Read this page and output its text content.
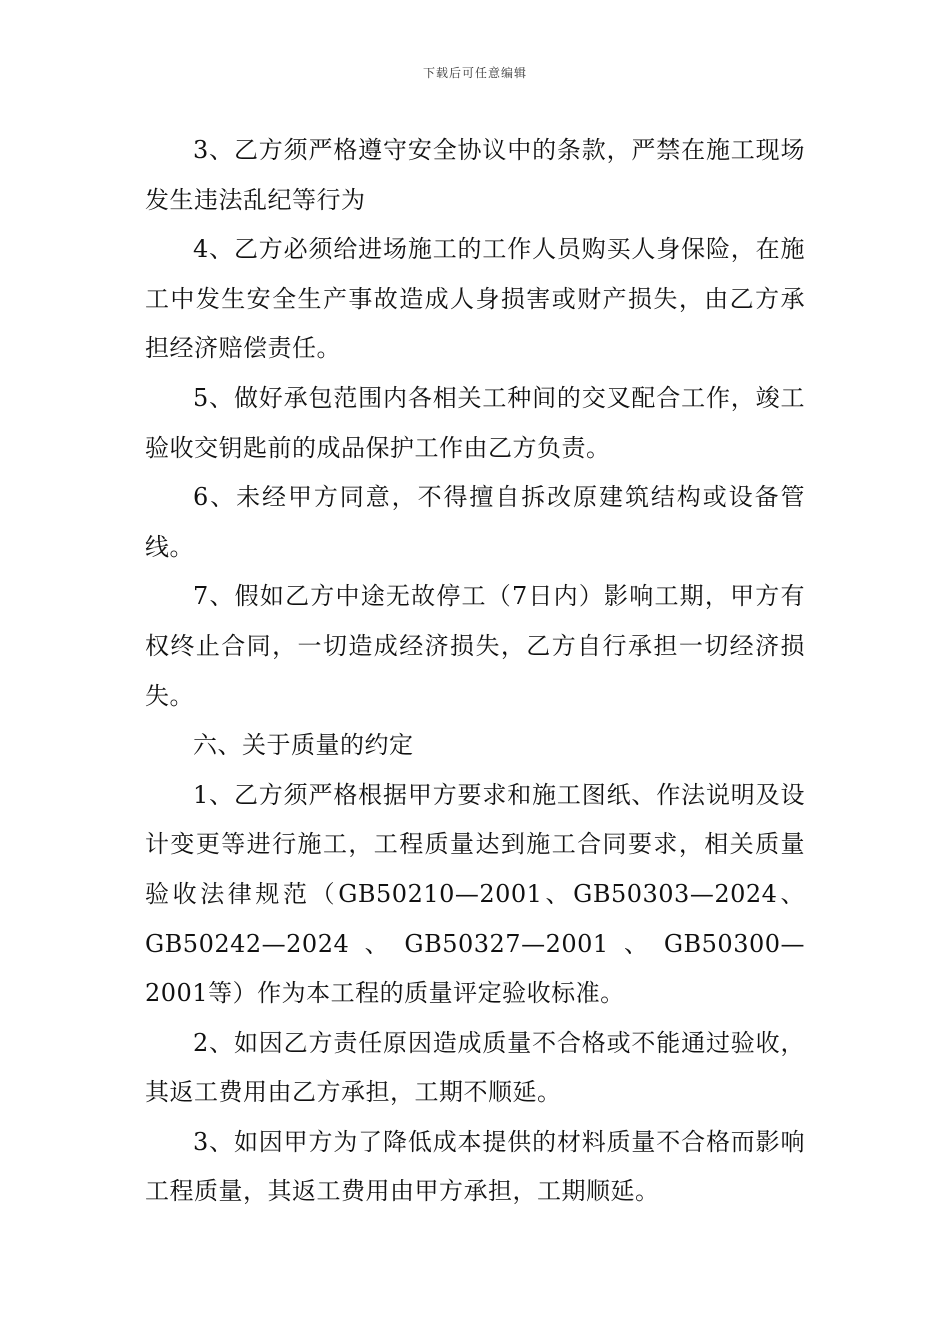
下载后可任意编辑

3、乙方须严格遵守安全协议中的条款，严禁在施工现场发生违法乱纪等行为

4、乙方必须给进场施工的工作人员购买人身保险，在施工中发生安全生产事故造成人身损害或财产损失，由乙方承担经济赔偿责任。

5、做好承包范围内各相关工种间的交叉配合工作，竣工验收交钥匙前的成品保护工作由乙方负责。

6、未经甲方同意，不得擅自拆改原建筑结构或设备管线。

7、假如乙方中途无故停工（7日内）影响工期，甲方有权终止合同，一切造成经济损失，乙方自行承担一切经济损失。

六、关于质量的约定

1、乙方须严格根据甲方要求和施工图纸、作法说明及设计变更等进行施工，工程质量达到施工合同要求，相关质量验收法律规范（GB50210—2001、GB50303—2024、GB50242—2024、GB50327—2001、GB50300—2001等）作为本工程的质量评定验收标准。

2、如因乙方责任原因造成质量不合格或不能通过验收，其返工费用由乙方承担，工期不顺延。

3、如因甲方为了降低成本提供的材料质量不合格而影响工程质量，其返工费用由甲方承担，工期顺延。
